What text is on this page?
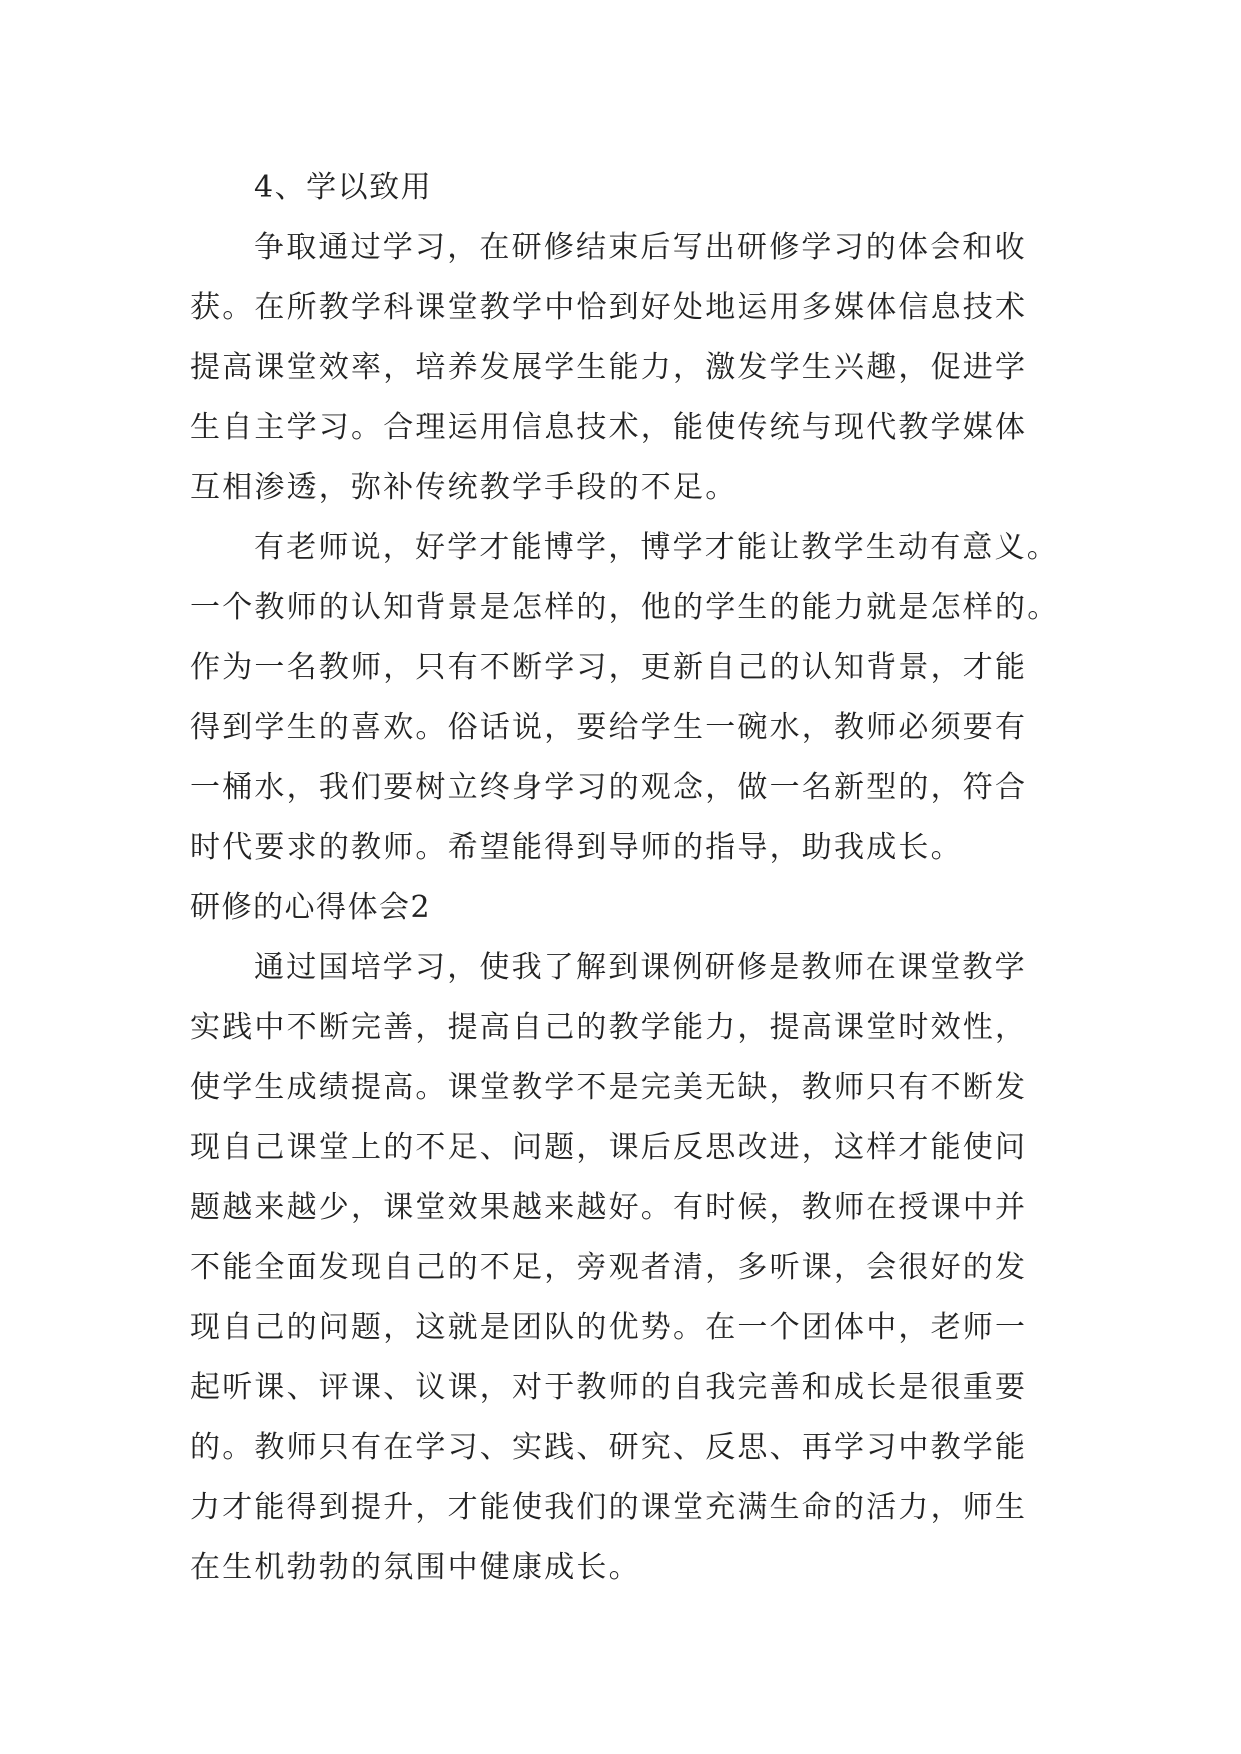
4、学以致用
争取通过学习，在研修结束后写出研修学习的体会和收
获。在所教学科课堂教学中恰到好处地运用多媒体信息技术
提高课堂效率，培养发展学生能力，激发学生兴趣，促进学
生自主学习。合理运用信息技术，能使传统与现代教学媒体
互相渗透，弥补传统教学手段的不足。
有老师说，好学才能博学，博学才能让教学生动有意义。
一个教师的认知背景是怎样的，他的学生的能力就是怎样的。
作为一名教师，只有不断学习，更新自己的认知背景，才能
得到学生的喜欢。俗话说，要给学生一碗水，教师必须要有
一桶水，我们要树立终身学习的观念，做一名新型的，符合
时代要求的教师。希望能得到导师的指导，助我成长。
研修的心得体会2
通过国培学习，使我了解到课例研修是教师在课堂教学
实践中不断完善，提高自己的教学能力，提高课堂时效性，
使学生成绩提高。课堂教学不是完美无缺，教师只有不断发
现自己课堂上的不足、问题，课后反思改进，这样才能使问
题越来越少，课堂效果越来越好。有时候，教师在授课中并
不能全面发现自己的不足，旁观者清，多听课，会很好的发
现自己的问题，这就是团队的优势。在一个团体中，老师一
起听课、评课、议课，对于教师的自我完善和成长是很重要
的。教师只有在学习、实践、研究、反思、再学习中教学能
力才能得到提升，才能使我们的课堂充满生命的活力，师生
在生机勃勃的氛围中健康成长。
